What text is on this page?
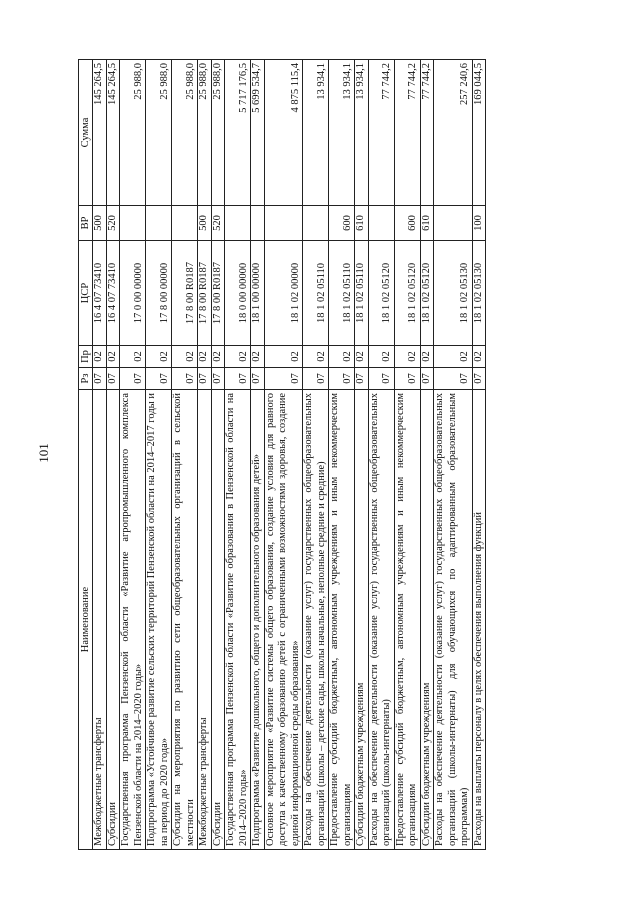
101
Наименование	Рз	Пр	ЦСР	ВР	Сумма
Межбюджетные трансферты	07	02	16 4 07 73410	500	145 264,5
Субсидии	07	02	16 4 07 73410	520	145 264,5
Государственная программа Пензенской области «Развитие агропромышленного комплекса Пензенской области на 2014–2020 годы»	07	02	17 0 00 00000		25 988,0
Подпрограмма «Устойчивое развитие сельских территорий Пензенской области на 2014–2017 годы и на период до 2020 года»	07	02	17 8 00 00000		25 988,0
Субсидии на мероприятия по развитию сети общеобразовательных организаций в сельской местности	07	02	17 8 00 R0187		25 988,0
Межбюджетные трансферты	07	02	17 8 00 R0187	500	25 988,0
Субсидии	07	02	17 8 00 R0187	520	25 988,0
Государственная программа Пензенской области «Развитие образования в Пензенской области на 2014–2020 годы»	07	02	18 0 00 00000		5 717 176,5
Подпрограмма «Развитие дошкольного, общего и дополнительного образования детей»	07	02	18 1 00 00000		5 699 534,7
Основное мероприятие «Развитие системы общего образования, создание условия для равного доступа к качественному образованию детей с ограниченными возможностями здоровья, создание единой информационной среды образования»	07	02	18 1 02 00000		4 875 115,4
Расходы на обеспечение деятельности (оказание услуг) государственных общеобразовательных организаций (школы – детские сады, школы начальные, неполные средние и средние)	07	02	18 1 02 05110		13 934,1
Предоставление субсидий бюджетным, автономным учреждениям и иным некоммерческим организациям	07	02	18 1 02 05110	600	13 934,1
Субсидии бюджетным учреждениям	07	02	18 1 02 05110	610	13 934,1
Расходы на обеспечение деятельности (оказание услуг) государственных общеобразовательных организаций (школы-интернаты)	07	02	18 1 02 05120		77 744,2
Предоставление субсидий бюджетным, автономным учреждениям и иным некоммерческим организациям	07	02	18 1 02 05120	600	77 744,2
Субсидии бюджетным учреждениям	07	02	18 1 02 05120	610	77 744,2
Расходы на обеспечение деятельности (оказание услуг) государственных общеобразовательных организаций (школы-интернаты) для обучающихся по адаптированным образовательным программам)	07	02	18 1 02 05130		257 240,6
Расходы на выплаты персоналу в целях обеспечения выполнения функций	07	02	18 1 02 05130	100	169 044,5
